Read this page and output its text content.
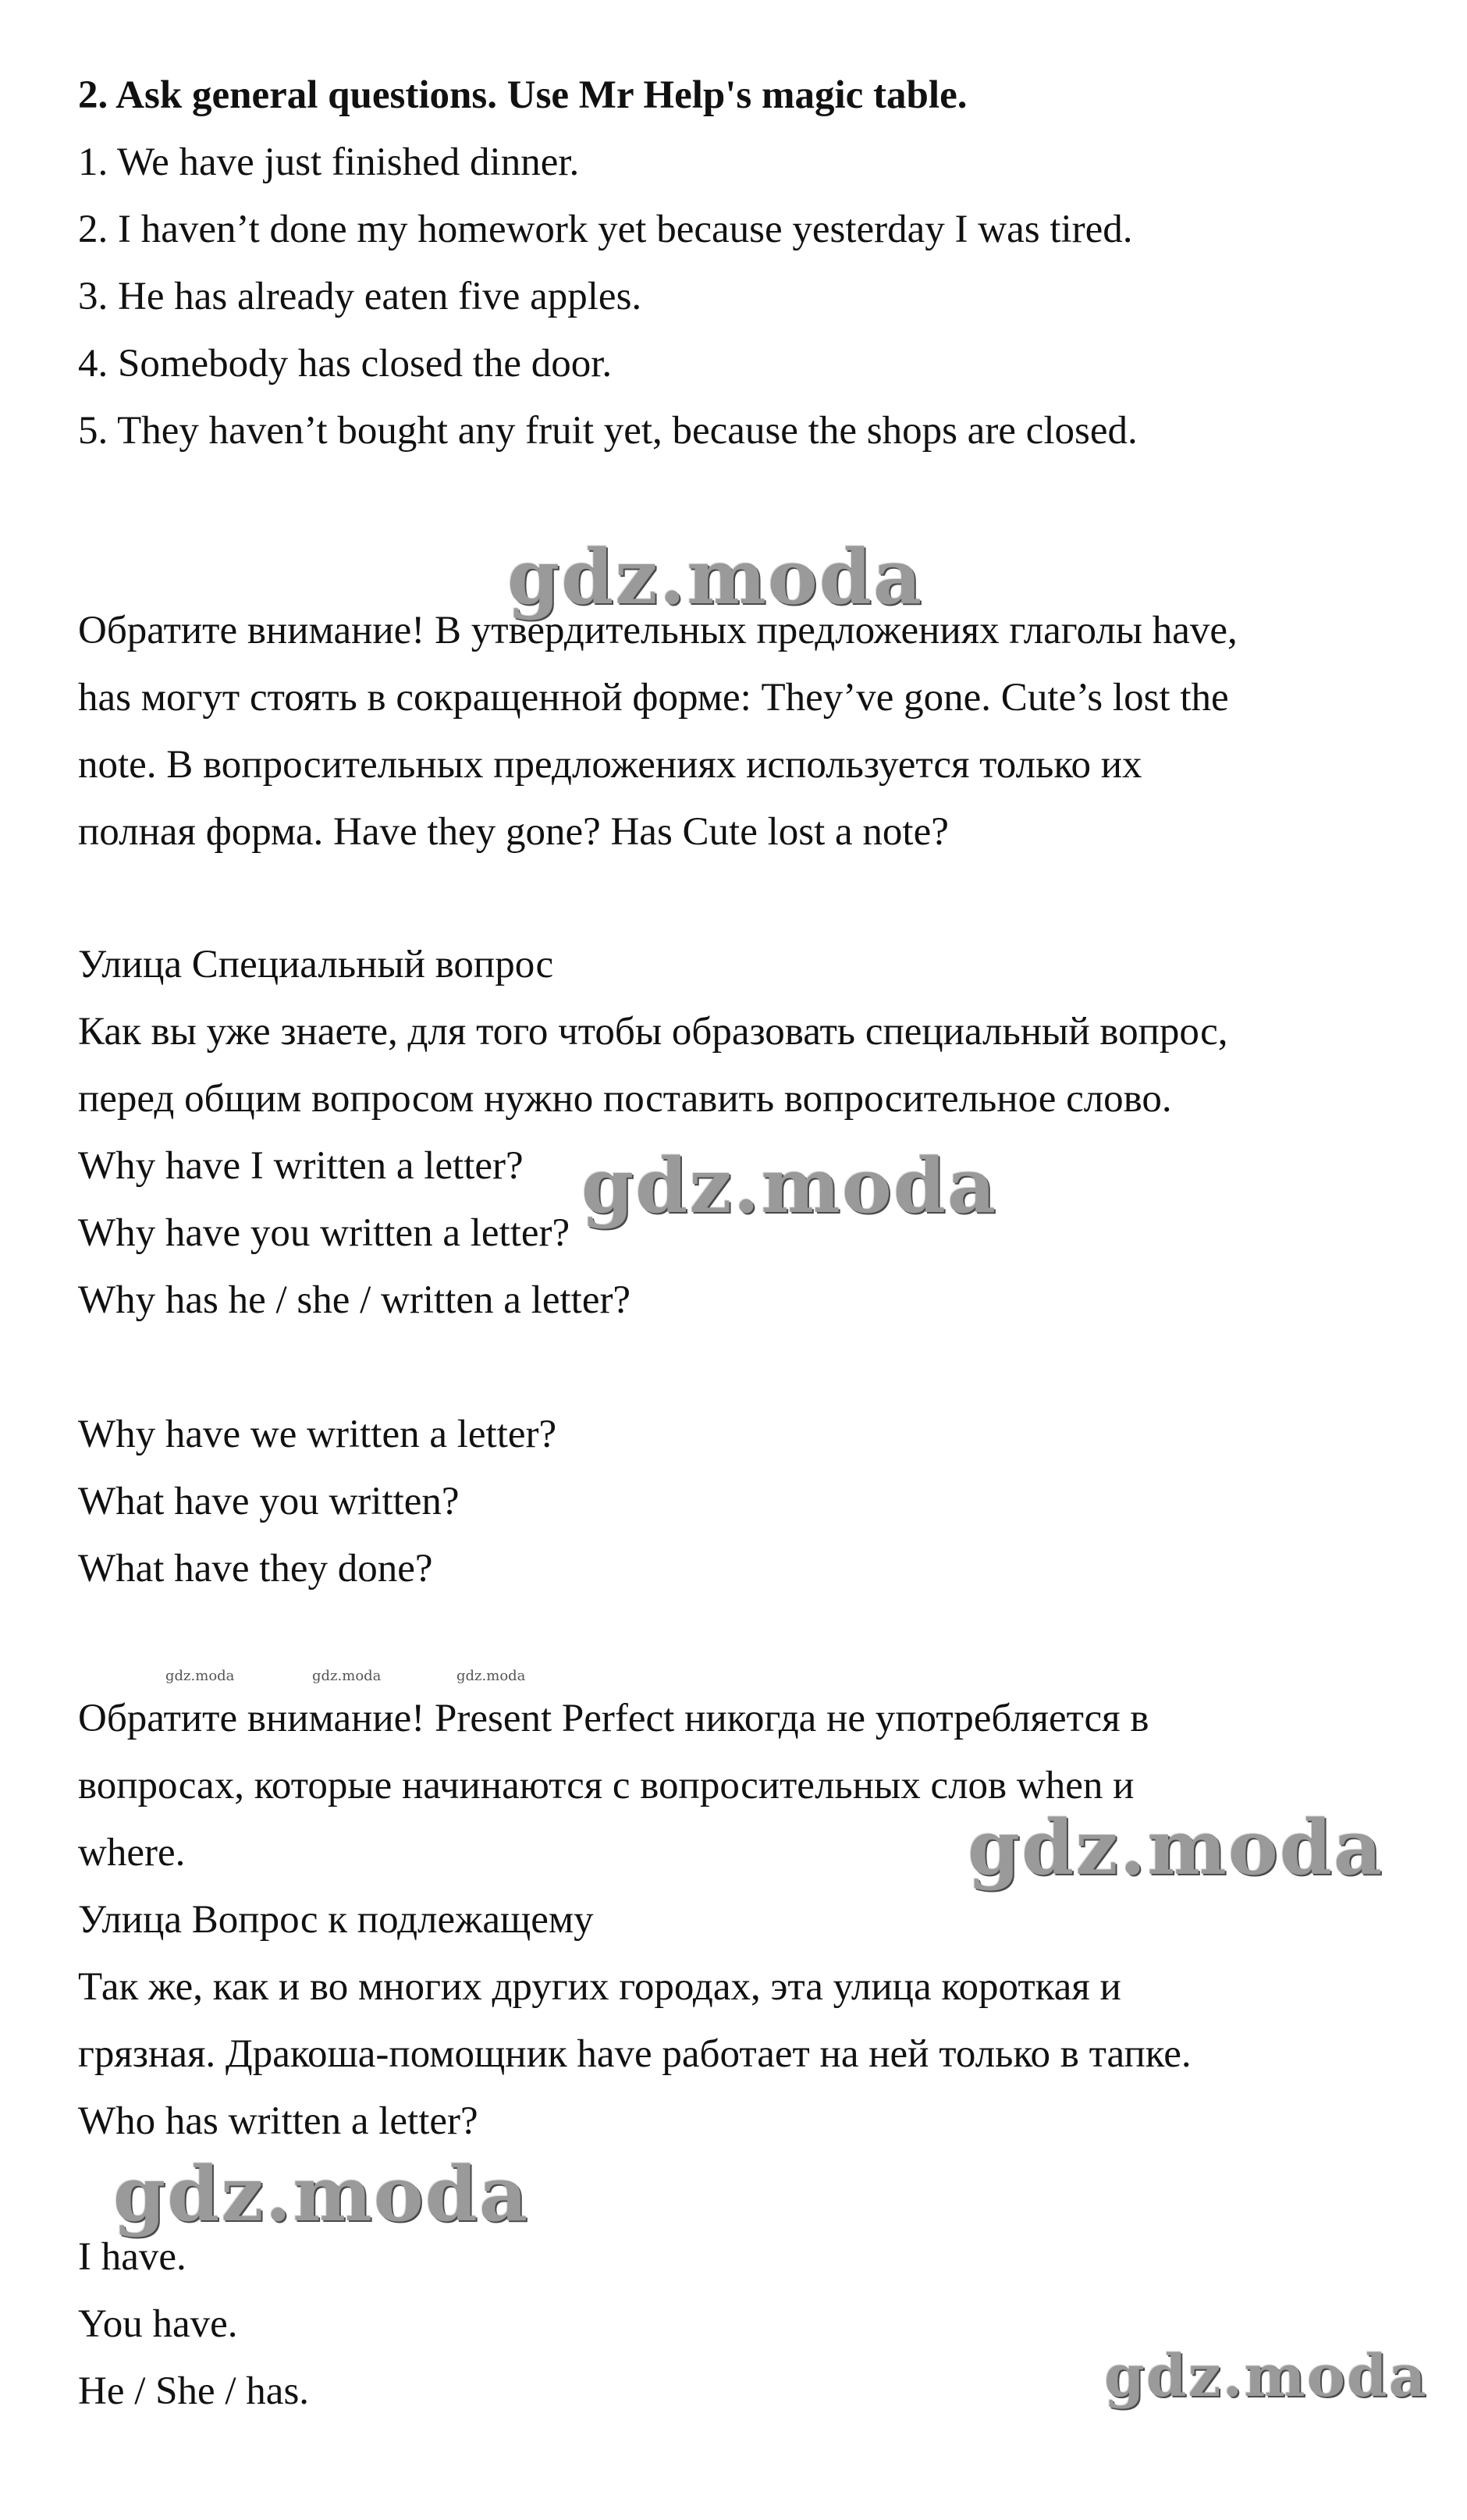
2. Ask general questions. Use Mr Help's magic table.
1. We have just finished dinner.
2. I haven’t done my homework yet because yesterday I was tired.
3. He has already eaten five apples.
4. Somebody has closed the door.
5. They haven’t bought any fruit yet, because the shops are closed.
Обратите внимание! В утвердительных предложениях глаголы have,
has могут стоять в сокращенной форме: They’ve gone. Cute’s lost the
note. В вопросительных предложениях используется только их
полная форма. Have they gone? Has Cute lost a note?
Улица Специальный вопрос
Как вы уже знаете, для того чтобы образовать специальный вопрос,
перед общим вопросом нужно поставить вопросительное слово.
Why have I written a letter?
Why have you written a letter?
Why has he / she / written a letter?
Why have we written a letter?
What have you written?
What have they done?
Обратите внимание! Present Perfect никогда не употребляется в
вопросах, которые начинаются с вопросительных слов when и
where.
Улица Вопрос к подлежащему
Так же, как и во многих других городах, эта улица короткая и
грязная. Дракоша-помощник have работает на ней только в тапке.
Who has written a letter?
I have.
You have.
He / She / has.
gdz.moda
gdz.moda
gdz.moda	gdz.moda	gdz.moda
gdz.moda
gdz.moda
gdz.moda
